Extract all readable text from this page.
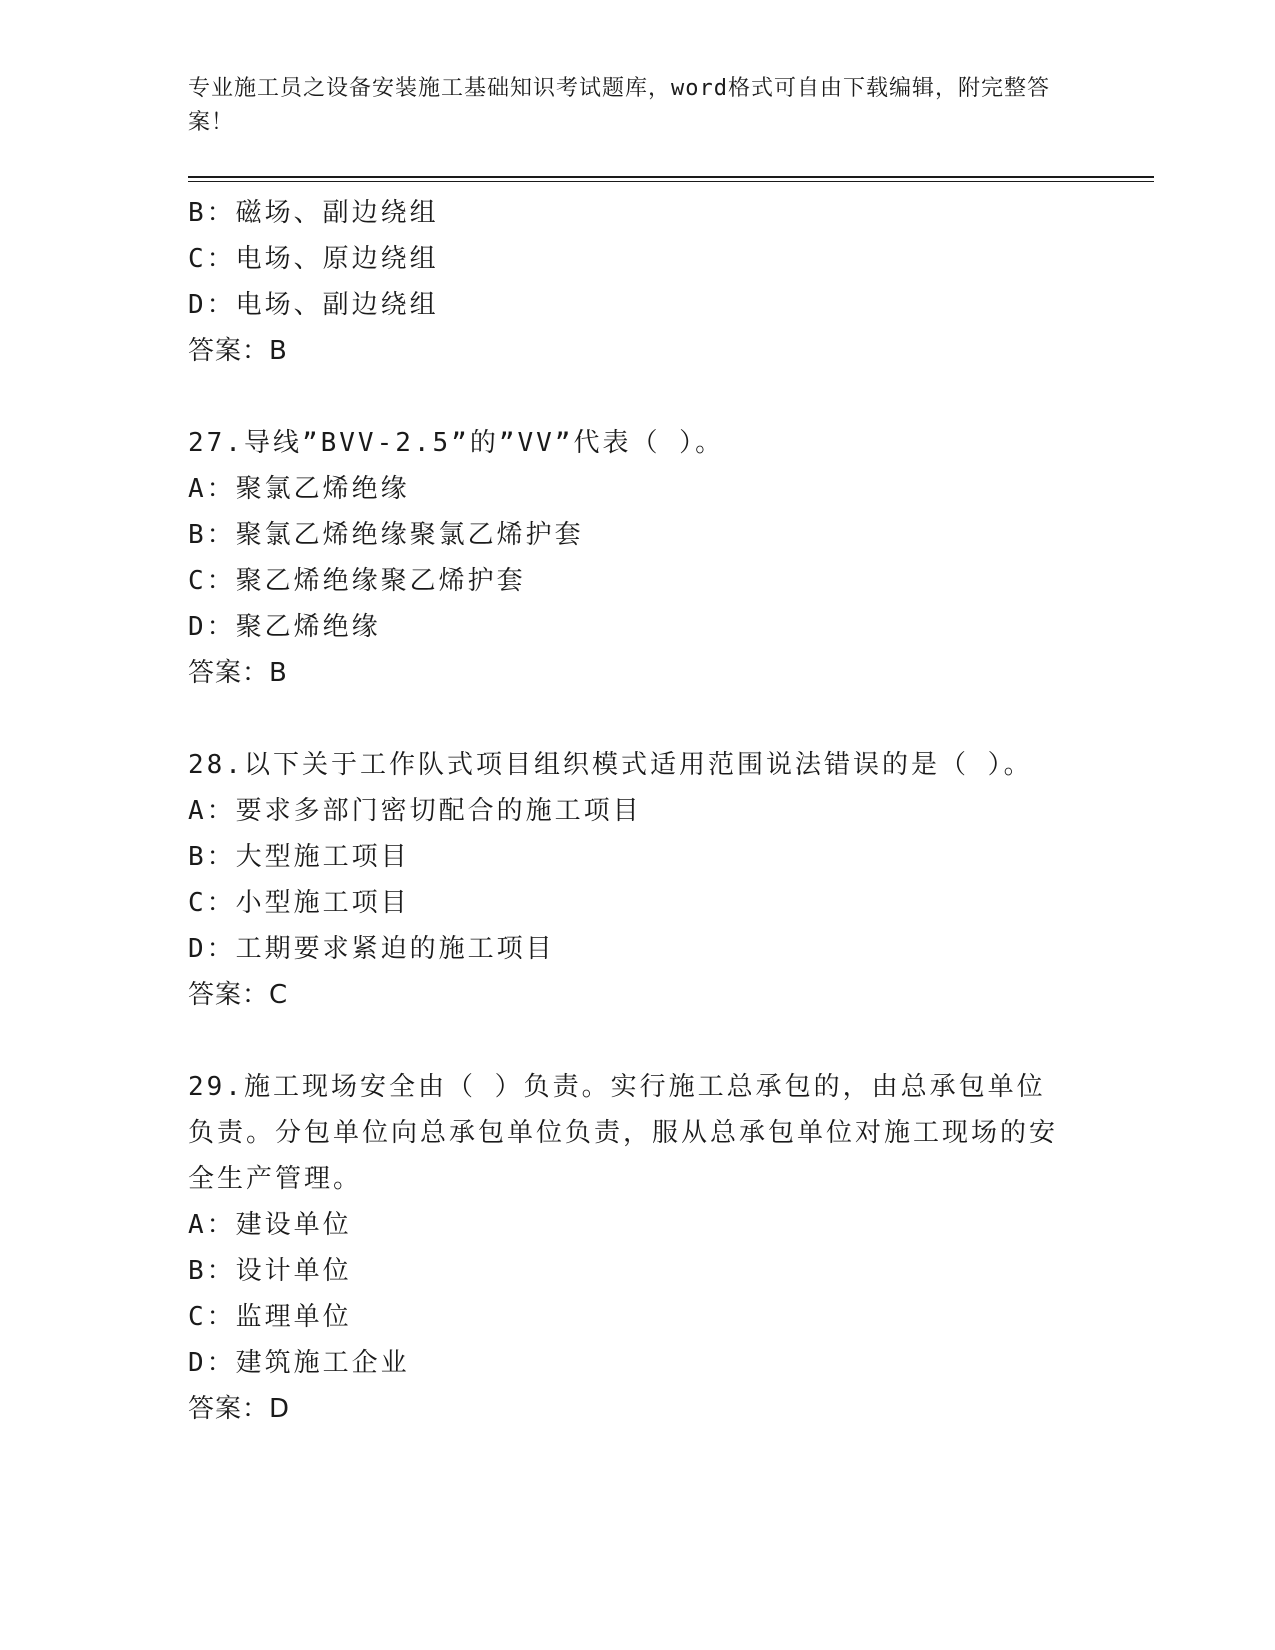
专业施工员之设备安装施工基础知识考试题库，word格式可自由下载编辑，附完整答案！
B：磁场、副边绕组
C：电场、原边绕组
D：电场、副边绕组
答案：B
27.导线”BVV-2.5”的”VV”代表（ ）。
A：聚氯乙烯绝缘
B：聚氯乙烯绝缘聚氯乙烯护套
C：聚乙烯绝缘聚乙烯护套
D：聚乙烯绝缘
答案：B
28.以下关于工作队式项目组织模式适用范围说法错误的是（ ）。
A：要求多部门密切配合的施工项目
B：大型施工项目
C：小型施工项目
D：工期要求紧迫的施工项目
答案：C
29.施工现场安全由（ ）负责。实行施工总承包的，由总承包单位负责。分包单位向总承包单位负责，服从总承包单位对施工现场的安全生产管理。
A：建设单位
B：设计单位
C：监理单位
D：建筑施工企业
答案：D
